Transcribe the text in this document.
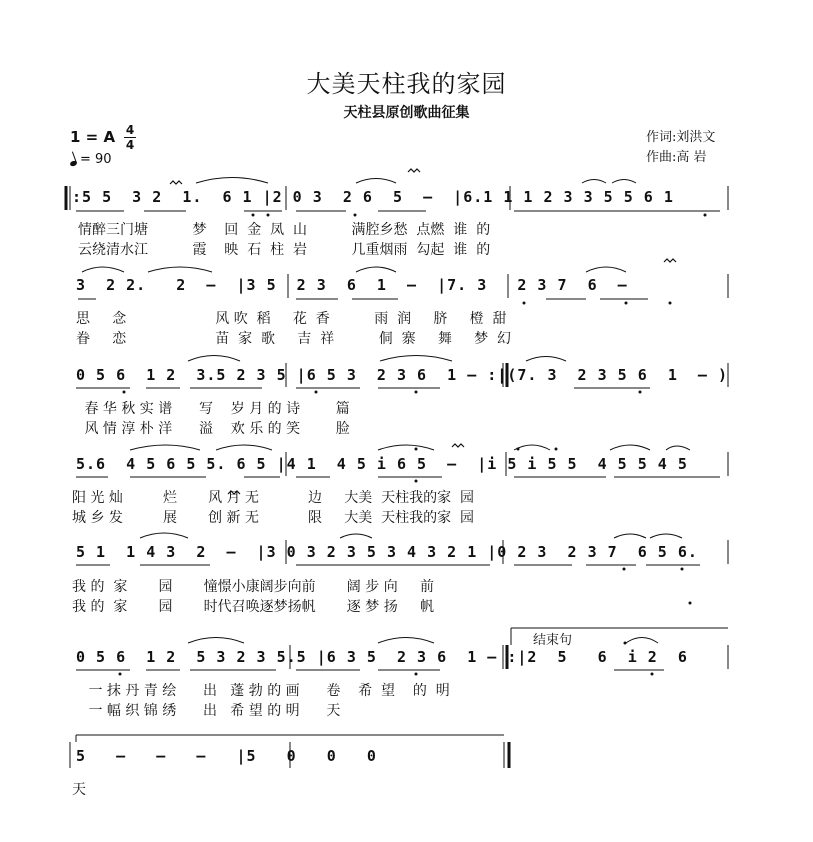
大美天柱我的家园
天柱县原创歌曲征集
1 = A 4
4
= 90
作词:刘洪文
作曲:高 岩
:5 5  3 2  1.  6 1 |2 0 3  2 6  5  –  |6.1 1 1 2 3 3 5 5 6 1
情醉三门塘          梦    回  金  凤  山          满腔乡愁  点燃  谁  的
云绕清水江          霞    映  石  柱  岩          几重烟雨  勾起  谁  的
3  2 2.   2  –  |3 5  2 3  6  1  –  |7. 3   2 3 7  6  –
思     念                    风 吹  稻     花  香          雨  润     脐     橙  甜
眷     恋                    苗  家  歌     吉  祥          侗  寨     舞     梦  幻
0 5 6  1 2  3.5 2 3 5 |6 5 3  2 3 6  1 – :|(7. 3  2 3 5 6  1  – )
春 华 秋 实 谱      写    岁 月 的 诗        篇
风 情 淳 朴 洋      溢    欢 乐 的 笑        脸
5.6  4 5 6 5 5. 6 5 |4 1  4 5 i 6 5  –  |i 5 i 5 5  4 5 5 4 5
阳 光 灿         烂       风 月 无           边     大美  天柱我的家  园
城 乡 发         展       创 新 无           限     大美  天柱我的家  园
5 1  1 4 3  2  –  |3 0 3 2 3 5 3 4 3 2 1 |0 2 3  2 3 7  6 5 6.
我 的  家       园       憧憬小康阔步向前       阔 步 向     前
我 的  家       园       时代召唤逐梦扬帆       逐 梦 扬     帆
结束句
0 5 6  1 2  5 3 2 3 5.5 |6 3 5  2 3 6  1 – :|2  5   6  i 2  6
一 抹 丹 青 绘      出   蓬 勃 的 画      卷    希  望    的  明
一 幅 织 锦 绣      出   希 望 的 明      天
5   –   –   –   |5   0   0   0
天
